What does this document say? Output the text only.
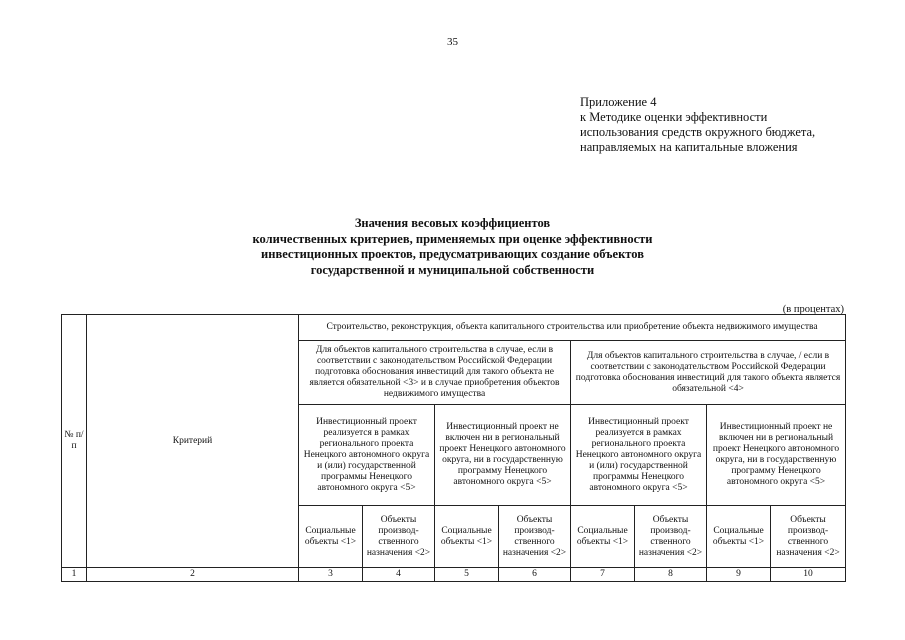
35
Приложение 4
к Методике оценки эффективности
использования средств окружного бюджета,
направляемых на капитальные вложения
Значения весовых коэффициентов
количественных критериев, применяемых при оценке эффективности
инвестиционных проектов, предусматривающих создание объектов
государственной и муниципальной собственности
(в процентах)
№ п/п	Критерий	Строительство, реконструкция, объекта капитального строительства или приобретение объекта недвижимого имущества							
		Для объектов капитального строительства в случае, если в соответствии с законодательством Российской Федерации подготовка обоснования инвестиций для такого объекта не является обязательной <3> и в случае приобретения объектов недвижимого имущества				Для объектов капитального строительства в случае, / если в соответствии с законодательством Российской Федерации подготовка обоснования инвестиций для такого объекта является обязательной <4>			
		Инвестиционный проект реализуется в рамках регионального проекта Ненецкого автономного округа и (или) государственной программы Ненецкого автономного округа <5>		Инвестиционный проект не включен ни в региональный проект Ненецкого автономного округа, ни в государственную программу Ненецкого автономного округа <5>		Инвестиционный проект реализуется в рамках регионального проекта Ненецкого автономного округа и (или) государственной программы Ненецкого автономного округа <5>		Инвестиционный проект не включен ни в региональный проект Ненецкого автономного округа, ни в государственную программу Ненецкого автономного округа <5>	
		Социальные объекты <1>	Объекты производ- ственного назначения <2>	Социальные объекты <1>	Объекты производ- ственного назначения <2>	Социальные объекты <1>	Объекты производ- ственного назначения <2>	Социальные объекты <1>	Объекты производ- ственного назначения <2>
1	2	3	4	5	6	7	8	9	10
